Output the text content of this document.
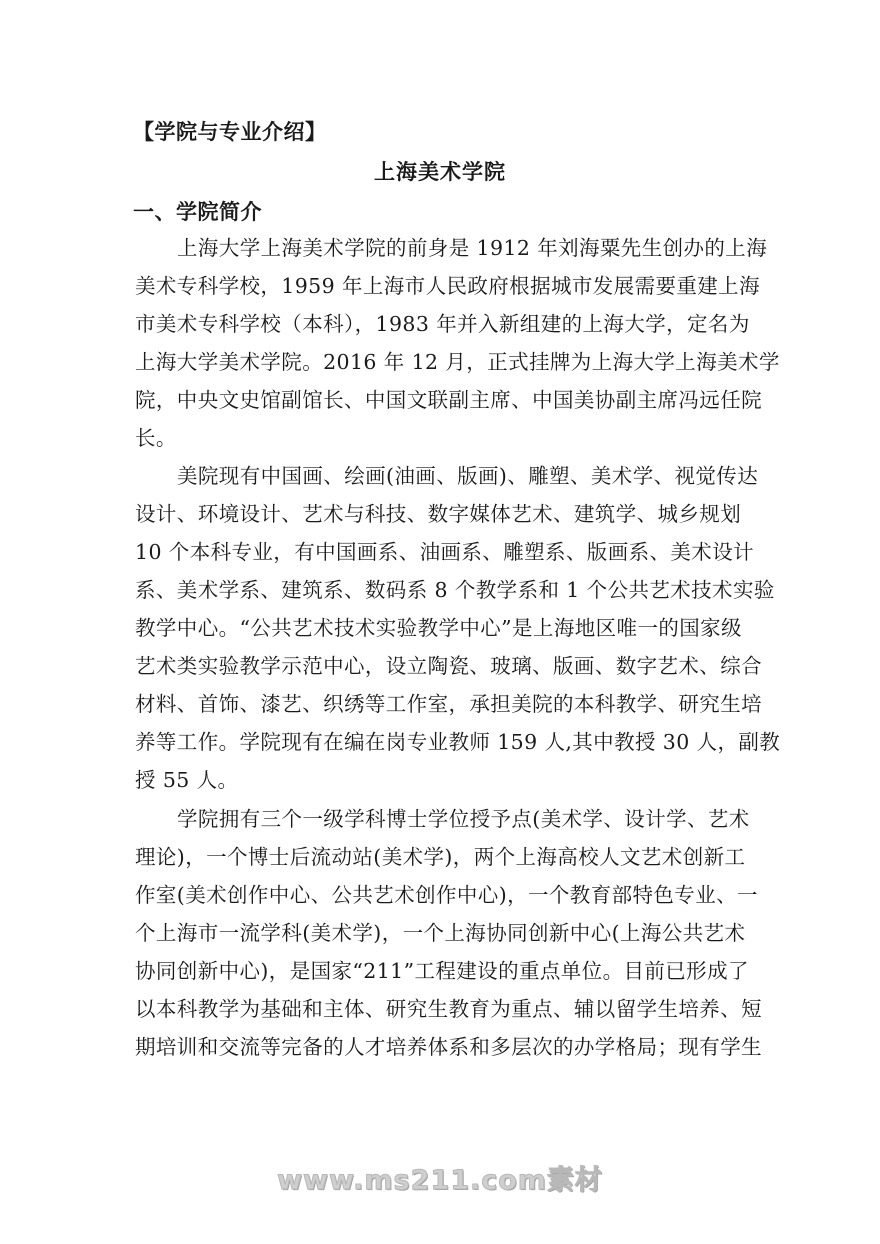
【学院与专业介绍】
上海美术学院
一、学院简介
上海大学上海美术学院的前身是 1912 年刘海粟先生创办的上海
美术专科学校，1959 年上海市人民政府根据城市发展需要重建上海
市美术专科学校（本科），1983 年并入新组建的上海大学，定名为
上海大学美术学院。2016 年 12 月，正式挂牌为上海大学上海美术学
院，中央文史馆副馆长、中国文联副主席、中国美协副主席冯远任院
长。
美院现有中国画、绘画(油画、版画)、雕塑、美术学、视觉传达
设计、环境设计、艺术与科技、数字媒体艺术、建筑学、城乡规划
10 个本科专业，有中国画系、油画系、雕塑系、版画系、美术设计
系、美术学系、建筑系、数码系 8 个教学系和 1 个公共艺术技术实验
教学中心。“公共艺术技术实验教学中心”是上海地区唯一的国家级
艺术类实验教学示范中心，设立陶瓷、玻璃、版画、数字艺术、综合
材料、首饰、漆艺、织绣等工作室，承担美院的本科教学、研究生培
养等工作。学院现有在编在岗专业教师 159 人,其中教授 30 人，副教
授 55 人。
学院拥有三个一级学科博士学位授予点(美术学、设计学、艺术
理论)，一个博士后流动站(美术学)，两个上海高校人文艺术创新工
作室(美术创作中心、公共艺术创作中心)，一个教育部特色专业、一
个上海市一流学科(美术学)，一个上海协同创新中心(上海公共艺术
协同创新中心)，是国家“211”工程建设的重点单位。目前已形成了
以本科教学为基础和主体、研究生教育为重点、辅以留学生培养、短
期培训和交流等完备的人才培养体系和多层次的办学格局；现有学生
www.ms211.com素材
